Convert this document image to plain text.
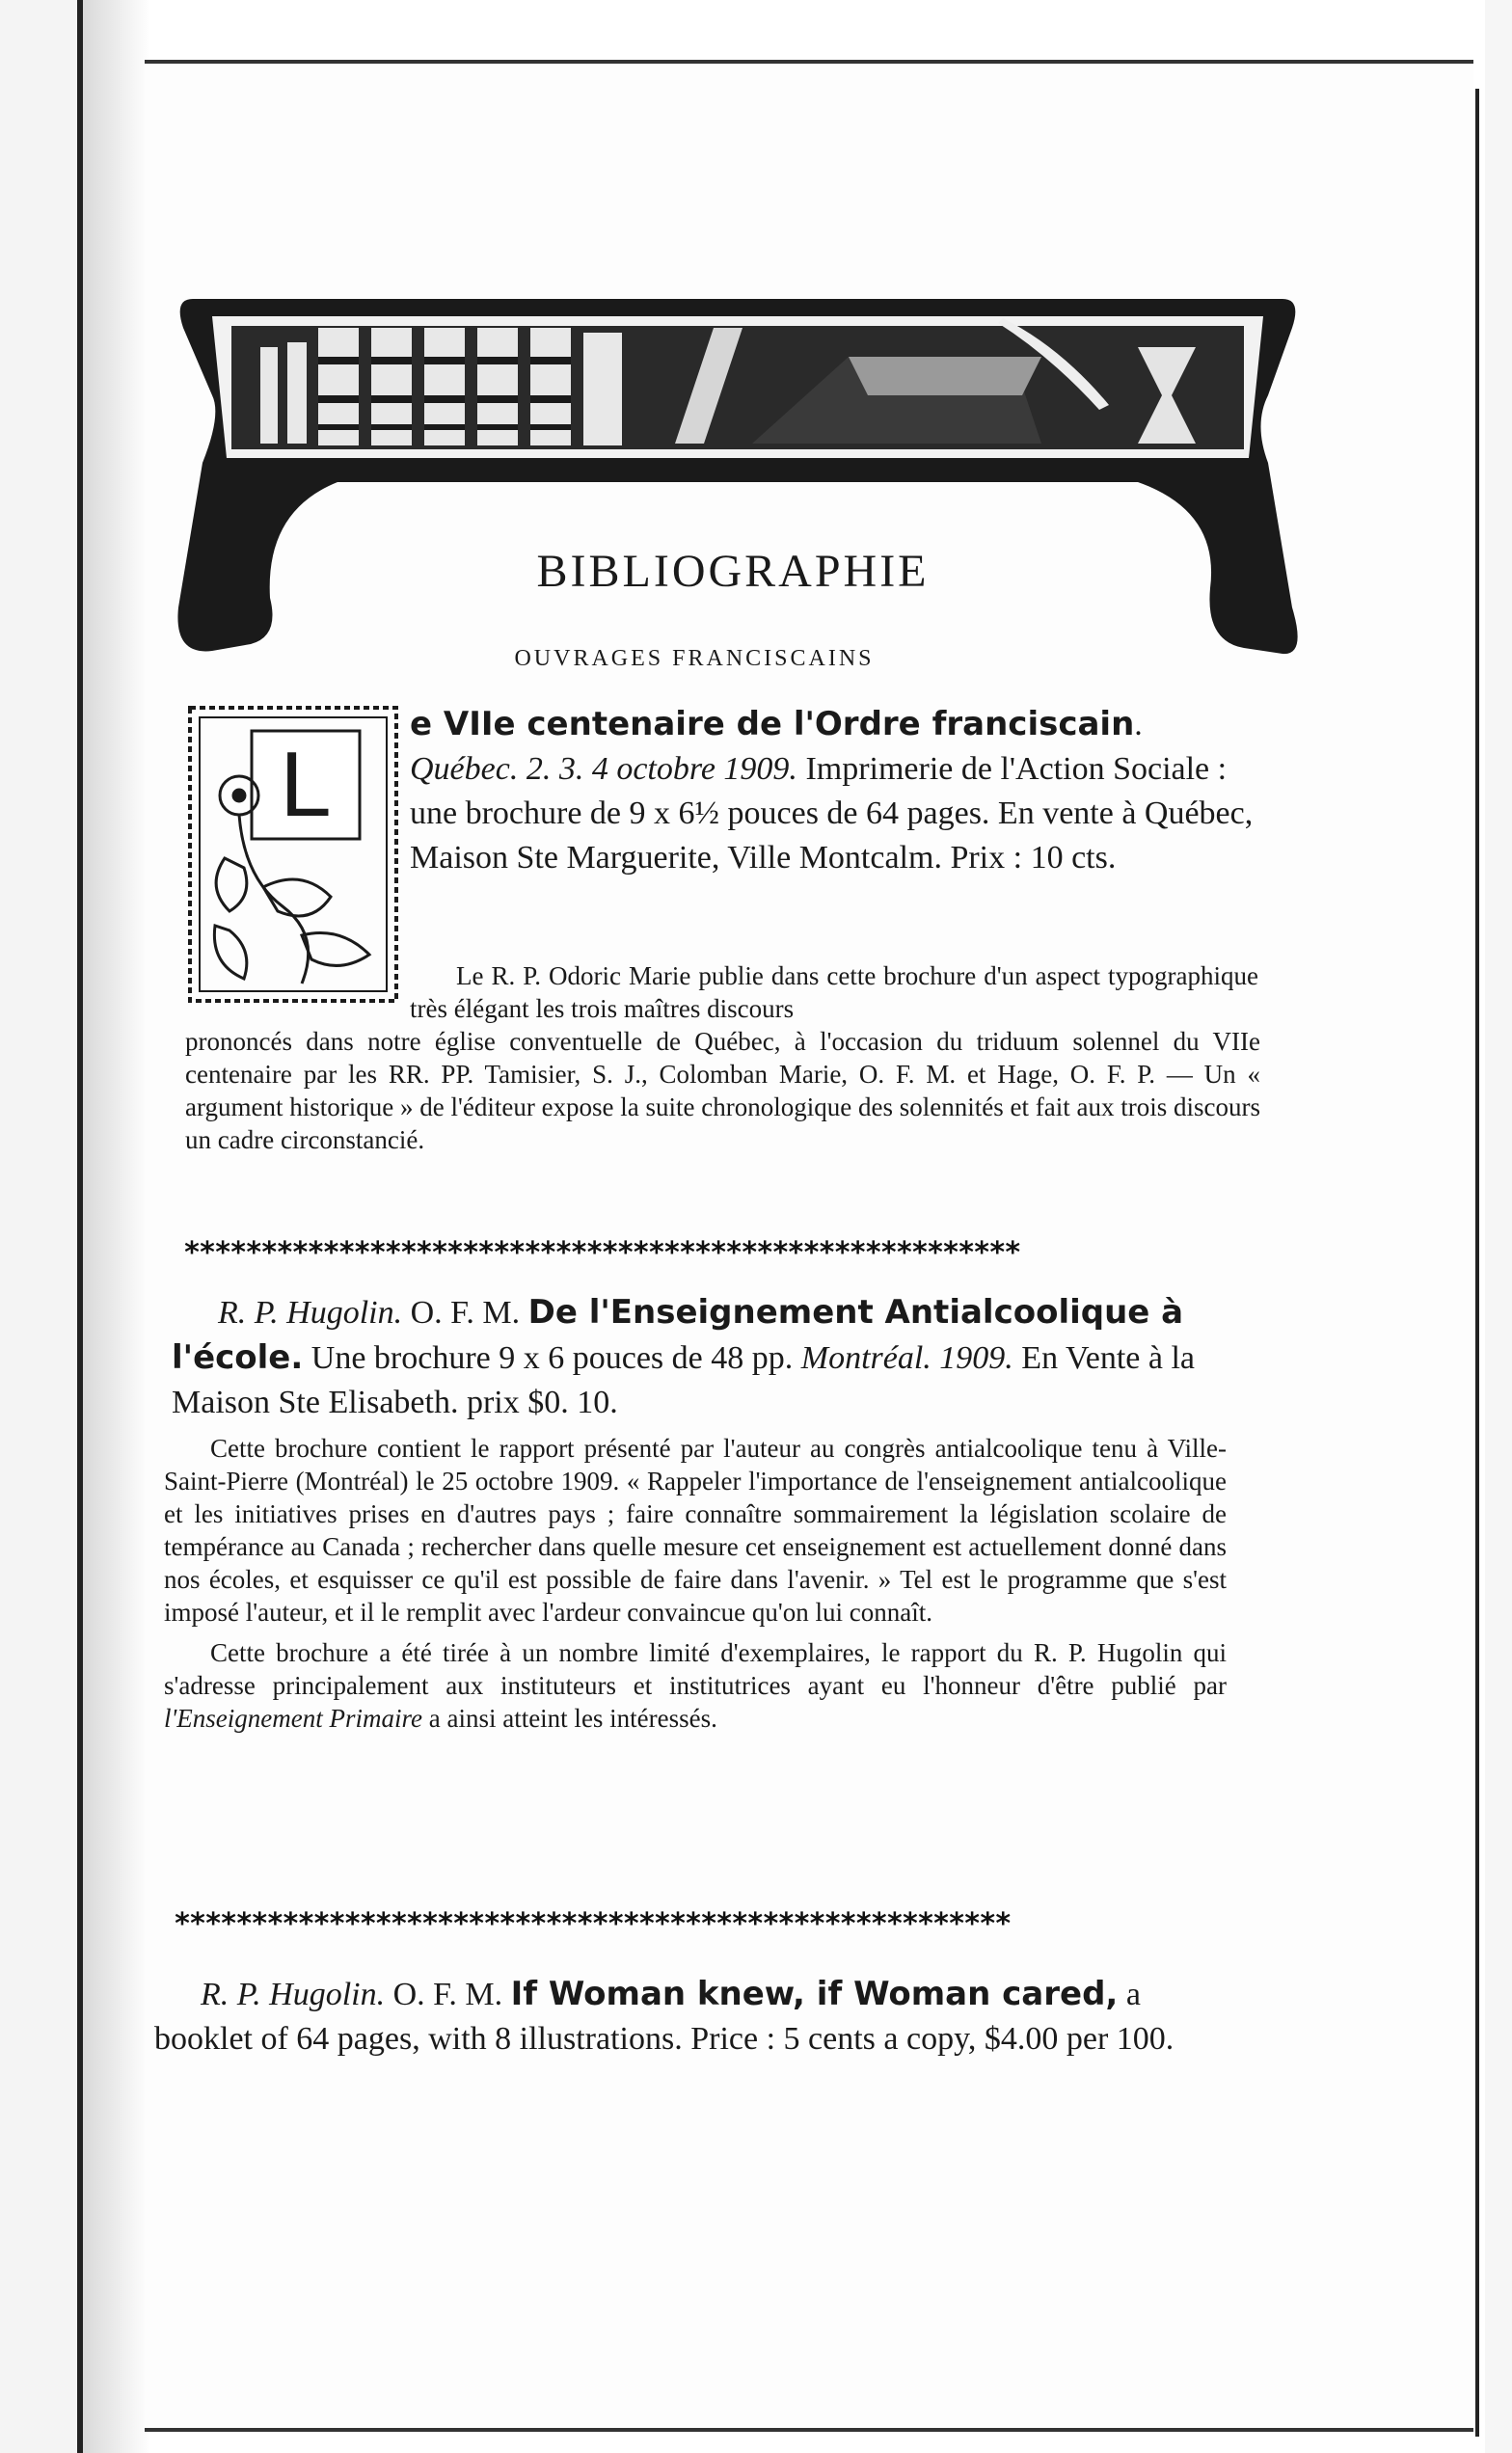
BIBLIOGRAPHIE
OUVRAGES FRANCISCAINS
L
e VIIe centenaire de l'Ordre franciscain. Québec. 2. 3. 4 octobre 1909. Imprimerie de l'Action Sociale : une brochure de 9 x 6½ pouces de 64 pages. En vente à Québec, Maison Ste Marguerite, Ville Montcalm. Prix : 10 cts.
Le R. P. Odoric Marie publie dans cette brochure d'un aspect typographique très élégant les trois maîtres discours
prononcés dans notre église conventuelle de Québec, à l'occasion du triduum solennel du VIIe centenaire par les RR. PP. Tamisier, S. J., Colomban Marie, O. F. M. et Hage, O. F. P. — Un « argument historique » de l'éditeur expose la suite chronologique des solennités et fait aux trois discours un cadre circonstancié.
******************************************************
R. P. Hugolin. O. F. M. De l'Enseignement Antialcoolique à l'école. Une brochure 9 x 6 pouces de 48 pp. Montréal. 1909. En Vente à la Maison Ste Elisabeth. prix $0. 10.

Cette brochure contient le rapport présenté par l'auteur au congrès antialcoolique tenu à Ville-Saint-Pierre (Montréal) le 25 octobre 1909. « Rappeler l'importance de l'enseignement antialcoolique et les initiatives prises en d'autres pays ; faire connaître sommairement la législation scolaire de tempérance au Canada ; rechercher dans quelle mesure cet enseignement est actuellement donné dans nos écoles, et esquisser ce qu'il est possible de faire dans l'avenir. » Tel est le programme que s'est imposé l'auteur, et il le remplit avec l'ardeur convaincue qu'on lui connaît.

Cette brochure a été tirée à un nombre limité d'exemplaires, le rapport du R. P. Hugolin qui s'adresse principalement aux instituteurs et institutrices ayant eu l'honneur d'être publié par l'Enseignement Primaire a ainsi atteint les intéressés.

******************************************************
R. P. Hugolin. O. F. M. If Woman knew, if Woman cared, a booklet of 64 pages, with 8 illustrations. Price : 5 cents a copy, $4.00 per 100.
